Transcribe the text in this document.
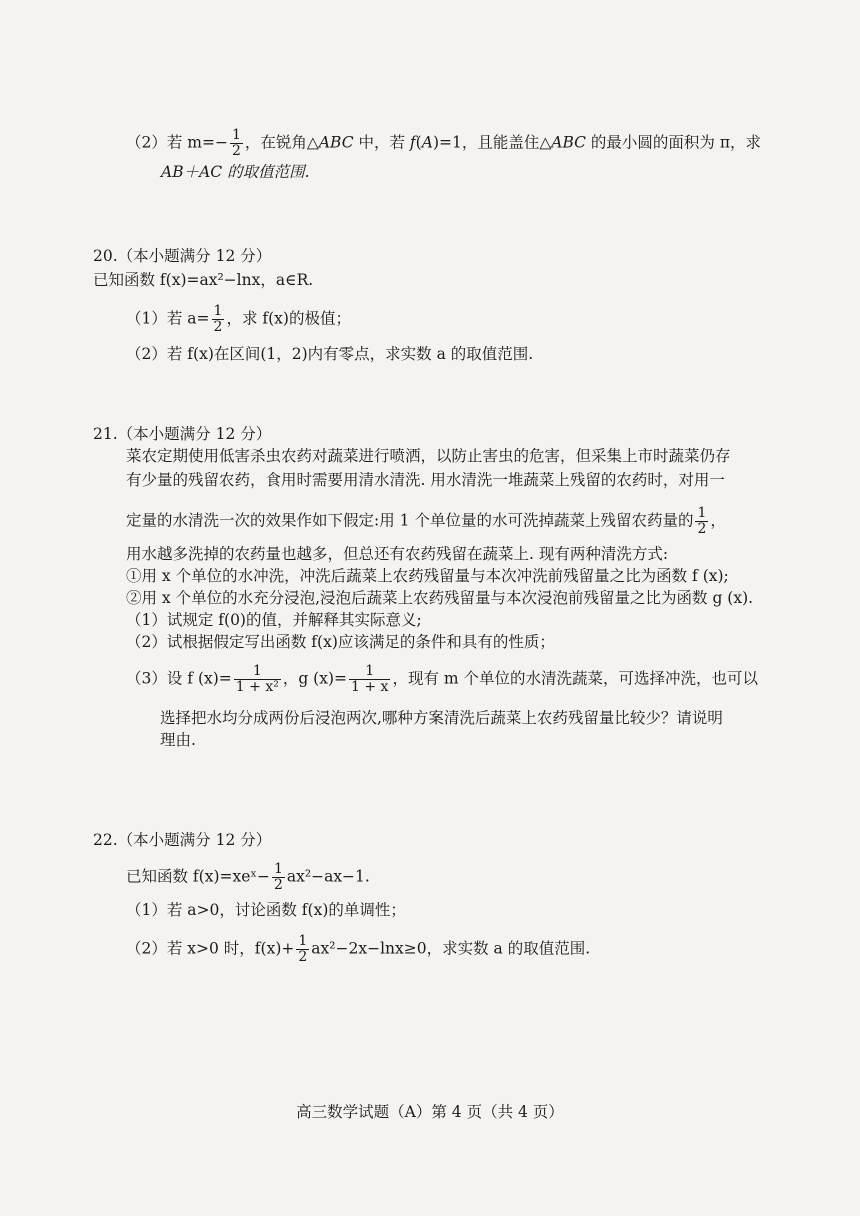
（2）若 $m=- \frac{1}{2}$ ，在锐角△ABC 中，若 f(A)=1，且能盖住△ABC 的最小圆的面积为 π，求
AB＋AC 的取值范围.
20.（本小题满分 12 分）
已知函数 f(x)=ax²−lnx，a∈R.
（1）若 $a= \frac{1}{2}$ ，求 f(x)的极值；
（2）若 f(x)在区间(1，2)内有零点，求实数 a 的取值范围.
21.（本小题满分 12 分）
菜农定期使用低害杀虫农药对蔬菜进行喷洒，以防止害虫的危害，但采集上市时蔬菜仍存
有少量的残留农药，食用时需要用清水清洗. 用水清洗一堆蔬菜上残留的农药时，对用一
定量的水清洗一次的效果作如下假定:用 1 个单位量的水可洗掉蔬菜上残留农药量的 $\frac{1}{2}$ ，
用水越多洗掉的农药量也越多，但总还有农药残留在蔬菜上. 现有两种清洗方式:
①用 x 个单位的水冲洗，冲洗后蔬菜上农药残留量与本次冲洗前残留量之比为函数 f (x);
②用 x 个单位的水充分浸泡,浸泡后蔬菜上农药残留量与本次浸泡前残留量之比为函数 g (x).
（1）试规定 f(0)的值，并解释其实际意义;
（2）试根据假定写出函数 f(x)应该满足的条件和具有的性质；
（3）设 f $(x)= \frac{1}{\text{1 + x²}}$ ，g $(x)= \frac{1}{1 + x}$ ，现有 m 个单位的水清洗蔬菜，可选择冲洗，也可以
选择把水均分成两份后浸泡两次,哪种方案清洗后蔬菜上农药残留量比较少？请说明
理由.
22.（本小题满分 12 分）
已知函数 f(x)=xeˣ− $\frac{1}{2} ax^2-ax-1$.
（1）若 a>0，讨论函数 f(x)的单调性；
（2）若 x>0 时，$f(x)+ \frac{1}{2} ax^2-2x-\ln x\ge 0$，求实数 a 的取值范围.
高三数学试题（A）第 4 页（共 4 页）
